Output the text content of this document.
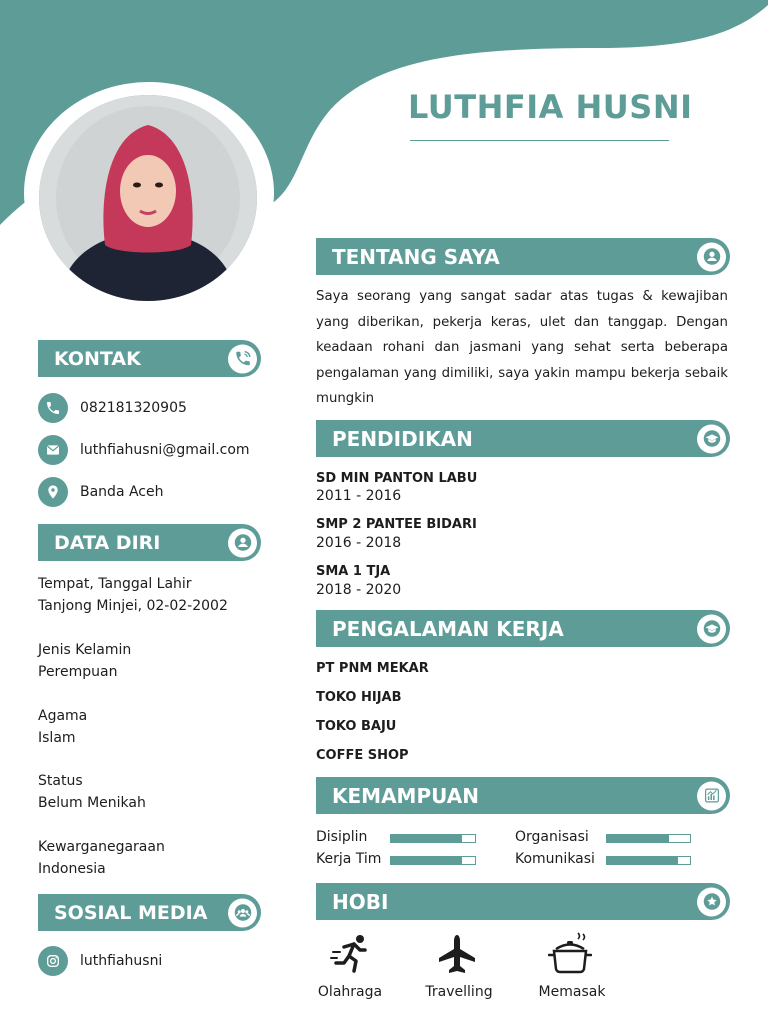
LUTHFIA HUSNI
KONTAK
082181320905
luthfiahusni@gmail.com
Banda Aceh
DATA DIRI
Tempat, Tanggal Lahir
Tanjong Minjei, 02-02-2002
Jenis Kelamin
Perempuan
Agama
Islam
Status
Belum Menikah
Kewarganegaraan
Indonesia
SOSIAL MEDIA
luthfiahusni
TENTANG SAYA
Saya seorang yang sangat sadar atas tugas & kewajiban yang diberikan, pekerja keras, ulet dan tanggap. Dengan keadaan rohani dan jasmani yang sehat serta beberapa pengalaman yang dimiliki, saya yakin mampu bekerja sebaik mungkin
PENDIDIKAN
SD MIN PANTON LABU
2011 - 2016
SMP 2 PANTEE BIDARI
2016 - 2018
SMA 1 TJA
2018 - 2020
PENGALAMAN KERJA
PT PNM MEKAR
TOKO HIJAB
TOKO BAJU
COFFE SHOP
KEMAMPUAN
Disiplin	Organisasi
Kerja Tim	Komunikasi
HOBI
Olahraga	Travelling	Memasak
